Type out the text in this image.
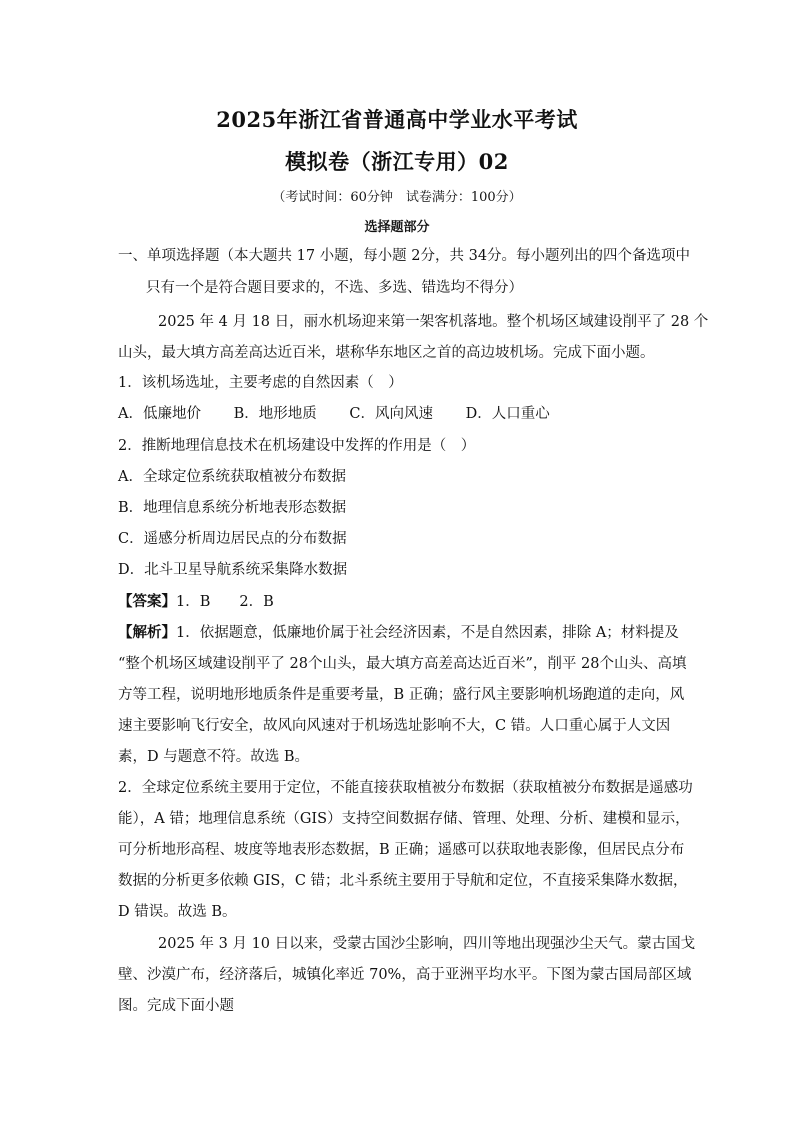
2025年浙江省普通高中学业水平考试
模拟卷（浙江专用）02
（考试时间：60分钟　试卷满分：100分）
选择题部分
一、单项选择题（本大题共 17 小题，每小题 2分，共 34分。每小题列出的四个备选项中
只有一个是符合题目要求的，不选、多选、错选均不得分）
2025 年 4 月 18 日，丽水机场迎来第一架客机落地。整个机场区域建设削平了 28 个
山头，最大填方高差高达近百米，堪称华东地区之首的高边坡机场。完成下面小题。
1．该机场选址，主要考虑的自然因素（　）
A．低廉地价 B．地形地质 C．风向风速 D．人口重心
2．推断地理信息技术在机场建设中发挥的作用是（　）
A．全球定位系统获取植被分布数据
B．地理信息系统分析地表形态数据
C．遥感分析周边居民点的分布数据
D．北斗卫星导航系统采集降水数据
【答案】1．B　　2．B
【解析】1．依据题意，低廉地价属于社会经济因素，不是自然因素，排除 A；材料提及
“整个机场区域建设削平了 28个山头，最大填方高差高达近百米”，削平 28个山头、高填
方等工程，说明地形地质条件是重要考量，B 正确；盛行风主要影响机场跑道的走向，风
速主要影响飞行安全，故风向风速对于机场选址影响不大，C 错。人口重心属于人文因
素，D 与题意不符。故选 B。
2．全球定位系统主要用于定位，不能直接获取植被分布数据（获取植被分布数据是遥感功
能），A 错；地理信息系统（GIS）支持空间数据存储、管理、处理、分析、建模和显示，
可分析地形高程、坡度等地表形态数据，B 正确；遥感可以获取地表影像，但居民点分布
数据的分析更多依赖 GIS，C 错；北斗系统主要用于导航和定位，不直接采集降水数据，
D 错误。故选 B。
2025 年 3 月 10 日以来，受蒙古国沙尘影响，四川等地出现强沙尘天气。蒙古国戈
壁、沙漠广布，经济落后，城镇化率近 70%，高于亚洲平均水平。下图为蒙古国局部区域
图。完成下面小题
